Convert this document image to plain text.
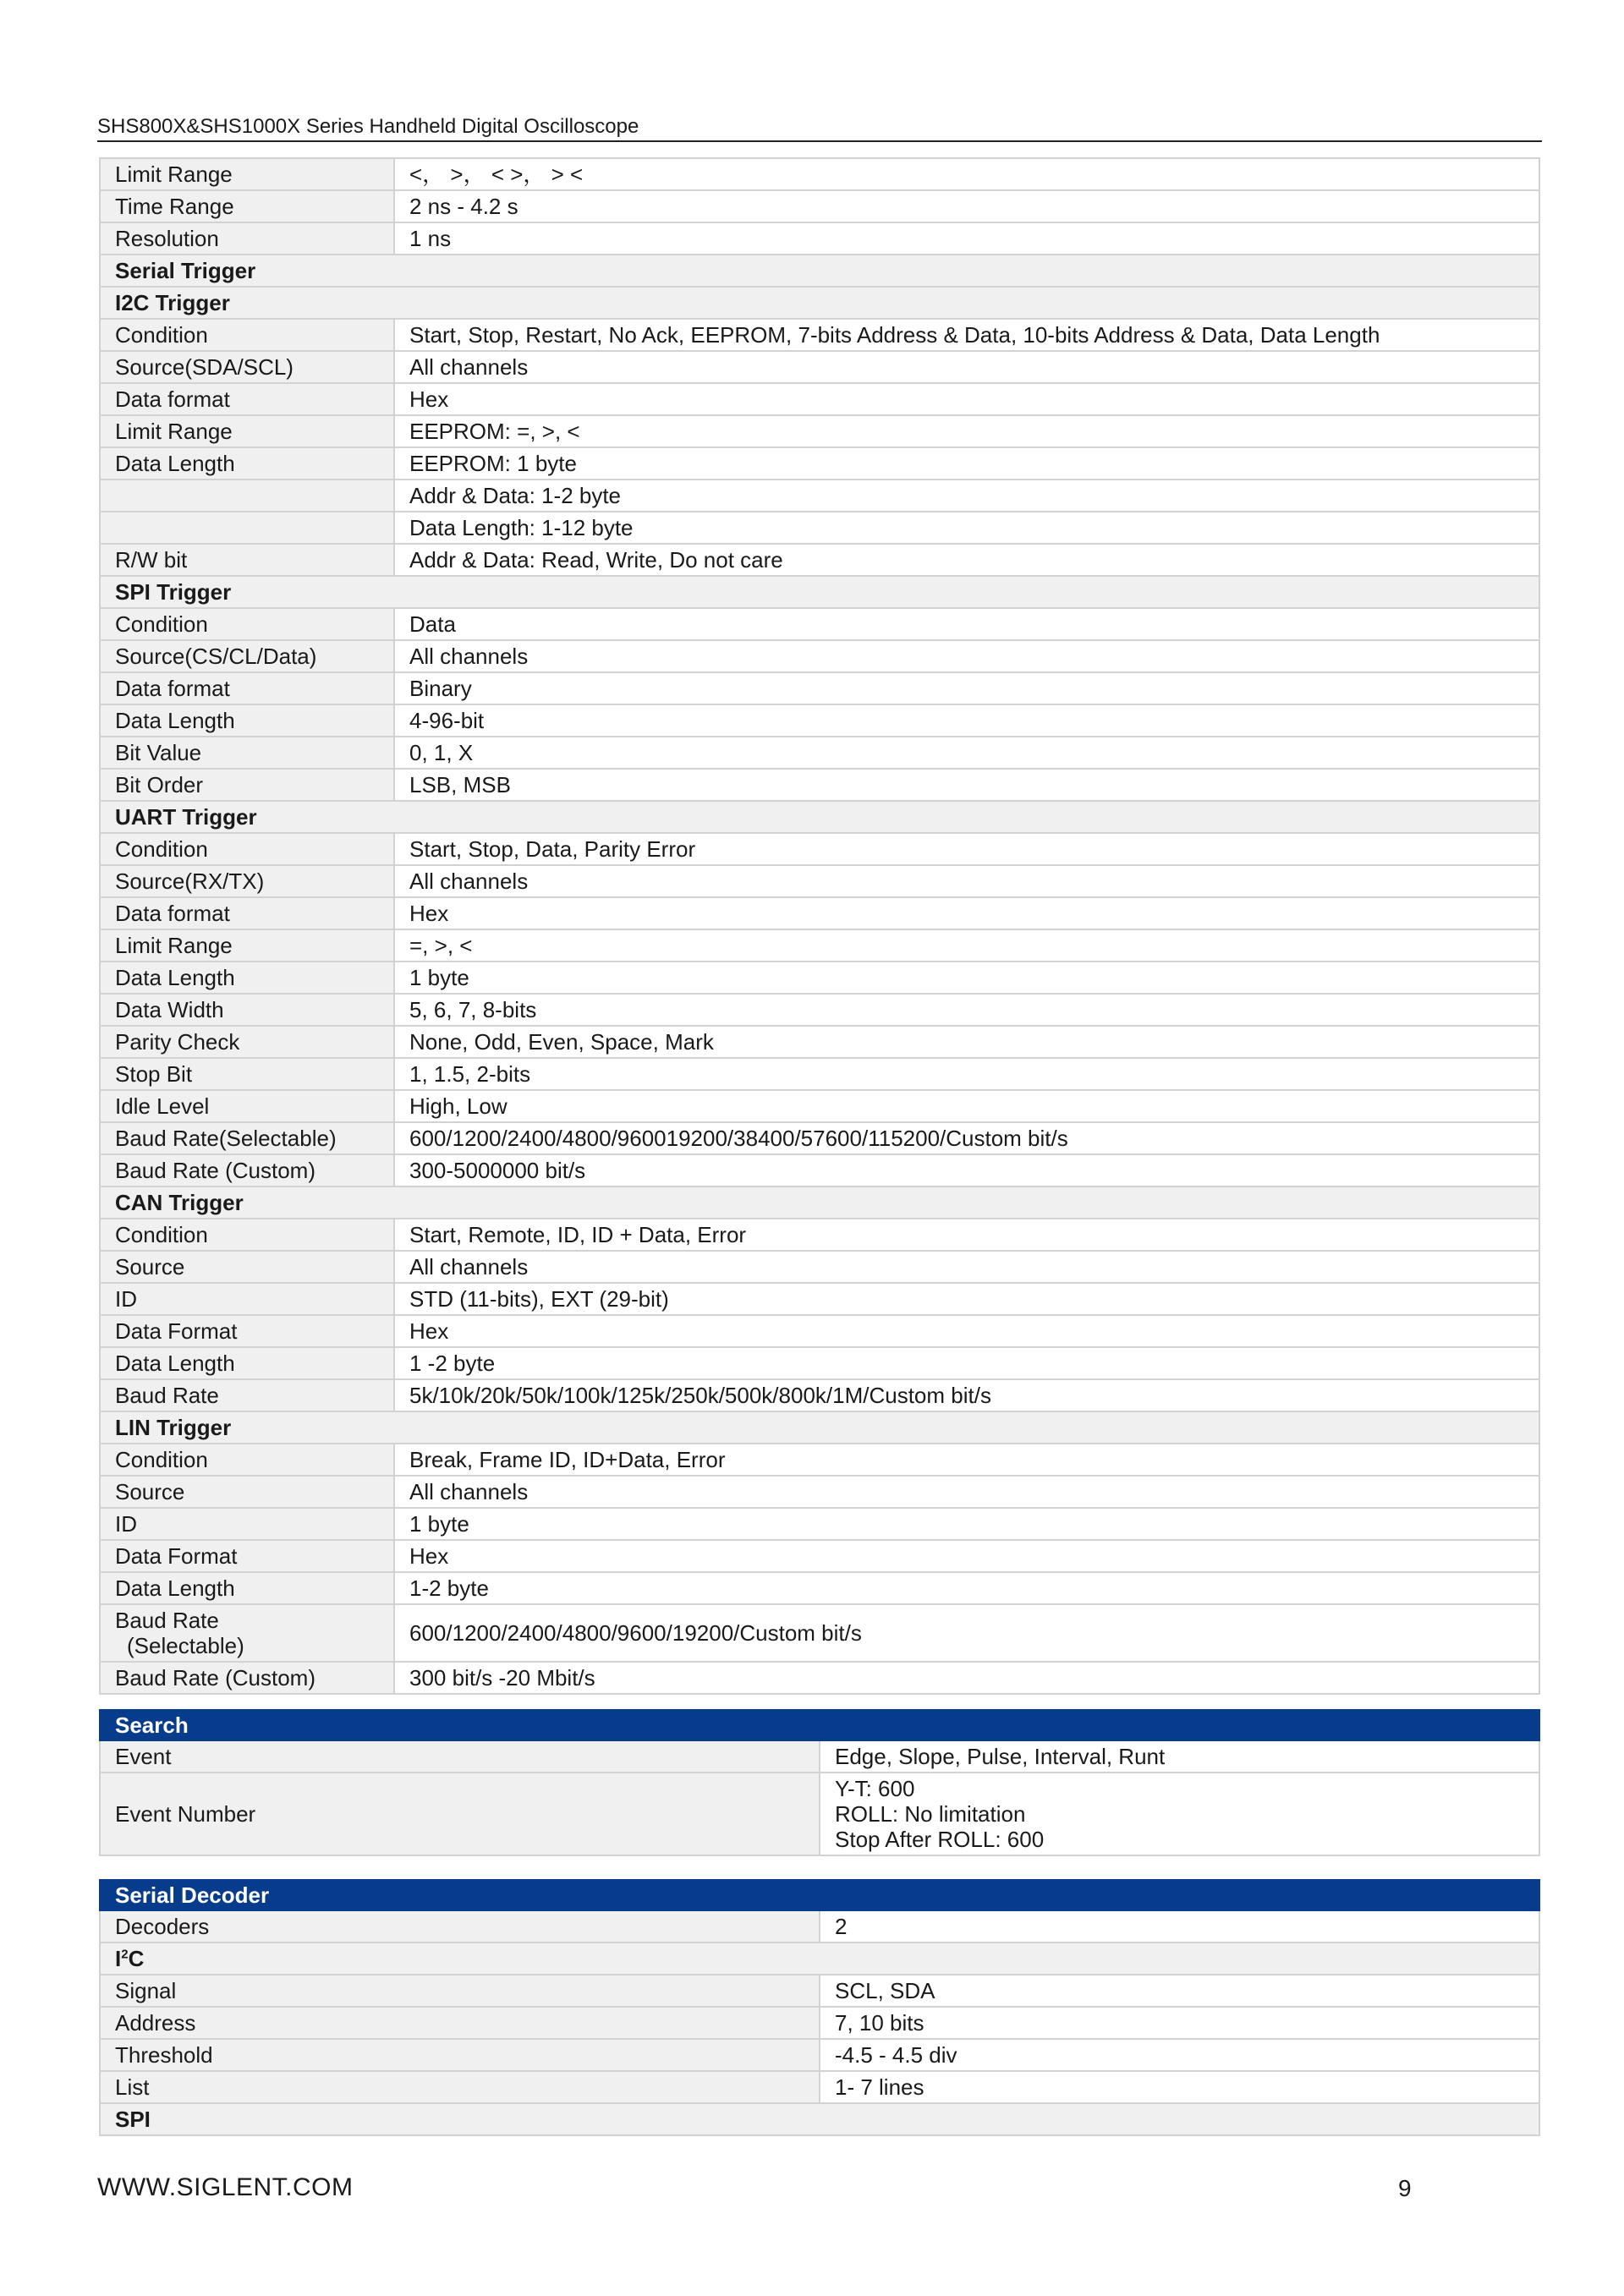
SHS800X&SHS1000X Series Handheld Digital Oscilloscope
Limit Range	<， >， < >， > <
Time Range	2 ns - 4.2 s
Resolution	1 ns
Serial Trigger	
I2C Trigger	
Condition	Start, Stop, Restart, No Ack, EEPROM, 7-bits Address & Data, 10-bits Address & Data, Data Length
Source(SDA/SCL)	All channels
Data format	Hex
Limit Range	EEPROM: =, >, <
Data Length	EEPROM: 1 byte
	Addr & Data: 1-2 byte
	Data Length: 1-12 byte
R/W bit	Addr & Data: Read, Write, Do not care
SPI Trigger	
Condition	Data
Source(CS/CL/Data)	All channels
Data format	Binary
Data Length	4-96-bit
Bit Value	0, 1, X
Bit Order	LSB, MSB
UART Trigger	
Condition	Start, Stop, Data, Parity Error
Source(RX/TX)	All channels
Data format	Hex
Limit Range	=, >, <
Data Length	1 byte
Data Width	5, 6, 7, 8-bits
Parity Check	None, Odd, Even, Space, Mark
Stop Bit	1, 1.5, 2-bits
Idle Level	High, Low
Baud Rate(Selectable)	600/1200/2400/4800/960019200/38400/57600/115200/Custom bit/s
Baud Rate (Custom)	300-5000000 bit/s
CAN Trigger	
Condition	Start, Remote, ID, ID + Data, Error
Source	All channels
ID	STD (11-bits), EXT (29-bit)
Data Format	Hex
Data Length	1 -2 byte
Baud Rate	5k/10k/20k/50k/100k/125k/250k/500k/800k/1M/Custom bit/s
LIN Trigger	
Condition	Break, Frame ID, ID+Data, Error
Source	All channels
ID	1 byte
Data Format	Hex
Data Length	1-2 byte

Baud Rate
(Selectable)	600/1200/2400/4800/9600/19200/Custom bit/s
Baud Rate (Custom)	300 bit/s -20 Mbit/s
Search	
Event	Edge, Slope, Pulse, Interval, Runt
Event Number	Y-T: 600
ROLL: No limitation
Stop After ROLL: 600
Serial Decoder	
Decoders	2
$I^2C$	
Signal	SCL, SDA
Address	7, 10 bits
Threshold	-4.5 - 4.5 div
List	1- 7 lines
SPI	
WWW.SIGLENT.COM	9
